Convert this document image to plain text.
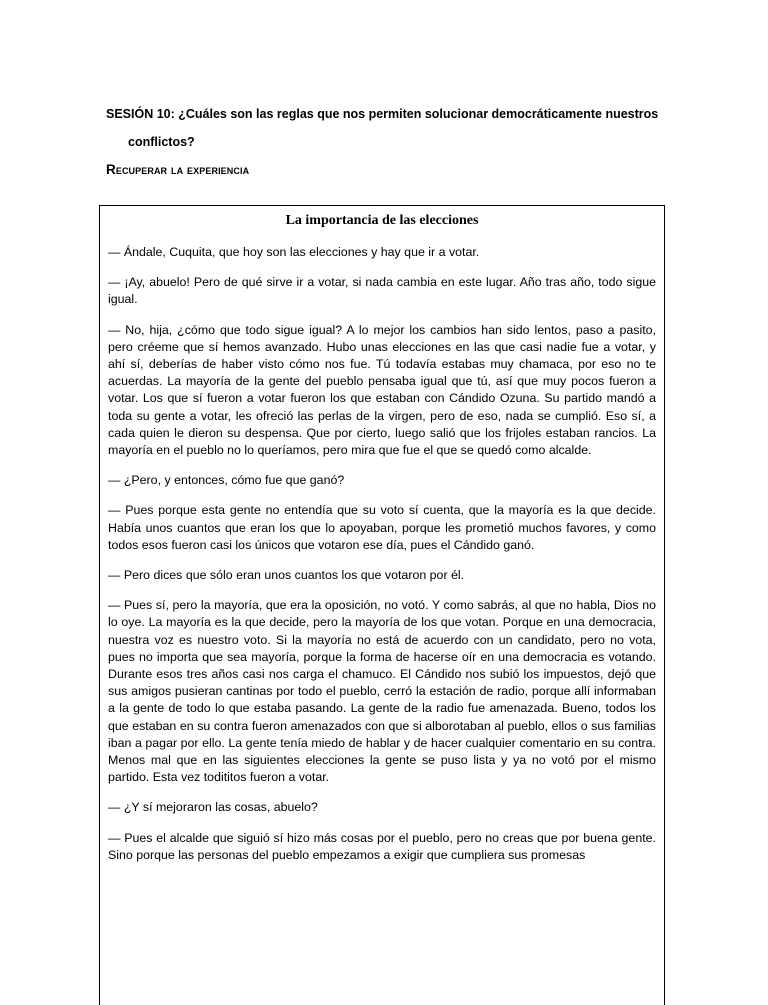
SESIÓN 10: ¿Cuáles son las reglas que nos permiten solucionar democráticamente nuestros
conflictos?
Recuperar la experiencia
La importancia de las elecciones

— Ándale, Cuquita, que hoy son las elecciones y hay que ir a votar.

— ¡Ay, abuelo! Pero de qué sirve ir a votar, si nada cambia en este lugar. Año tras año, todo sigue igual.

— No, hija, ¿cómo que todo sigue igual? A lo mejor los cambios han sido lentos, paso a pasito, pero créeme que sí hemos avanzado. Hubo unas elecciones en las que casi nadie fue a votar, y ahí sí, deberías de haber visto cómo nos fue. Tú todavía estabas muy chamaca, por eso no te acuerdas. La mayoría de la gente del pueblo pensaba igual que tú, así que muy pocos fueron a votar. Los que sí fueron a votar fueron los que estaban con Cándido Ozuna. Su partido mandó a toda su gente a votar, les ofreció las perlas de la virgen, pero de eso, nada se cumplió. Eso sí, a cada quien le dieron su despensa. Que por cierto, luego salió que los frijoles estaban rancios. La mayoría en el pueblo no lo queríamos, pero mira que fue el que se quedó como alcalde.

— ¿Pero, y entonces, cómo fue que ganó?

— Pues porque esta gente no entendía que su voto sí cuenta, que la mayoría es la que decide. Había unos cuantos que eran los que lo apoyaban, porque les prometió muchos favores, y como todos esos fueron casi los únicos que votaron ese día, pues el Cándido ganó.

— Pero dices que sólo eran unos cuantos los que votaron por él.

— Pues sí, pero la mayoría, que era la oposición, no votó. Y como sabrás, al que no habla, Dios no lo oye. La mayoría es la que decide, pero la mayoría de los que votan. Porque en una democracia, nuestra voz es nuestro voto. Si la mayoría no está de acuerdo con un candidato, pero no vota, pues no importa que sea mayoría, porque la forma de hacerse oír en una democracia es votando. Durante esos tres años casi nos carga el chamuco. El Cándido nos subió los impuestos, dejó que sus amigos pusieran cantinas por todo el pueblo, cerró la estación de radio, porque allí informaban a la gente de todo lo que estaba pasando. La gente de la radio fue amenazada. Bueno, todos los que estaban en su contra fueron amenazados con que si alborotaban al pueblo, ellos o sus familias iban a pagar por ello. La gente tenía miedo de hablar y de hacer cualquier comentario en su contra. Menos mal que en las siguientes elecciones la gente se puso lista y ya no votó por el mismo partido. Esta vez todititos fueron a votar.

— ¿Y sí mejoraron las cosas, abuelo?

— Pues el alcalde que siguió sí hizo más cosas por el pueblo, pero no creas que por buena gente. Sino porque las personas del pueblo empezamos a exigir que cumpliera sus promesas
